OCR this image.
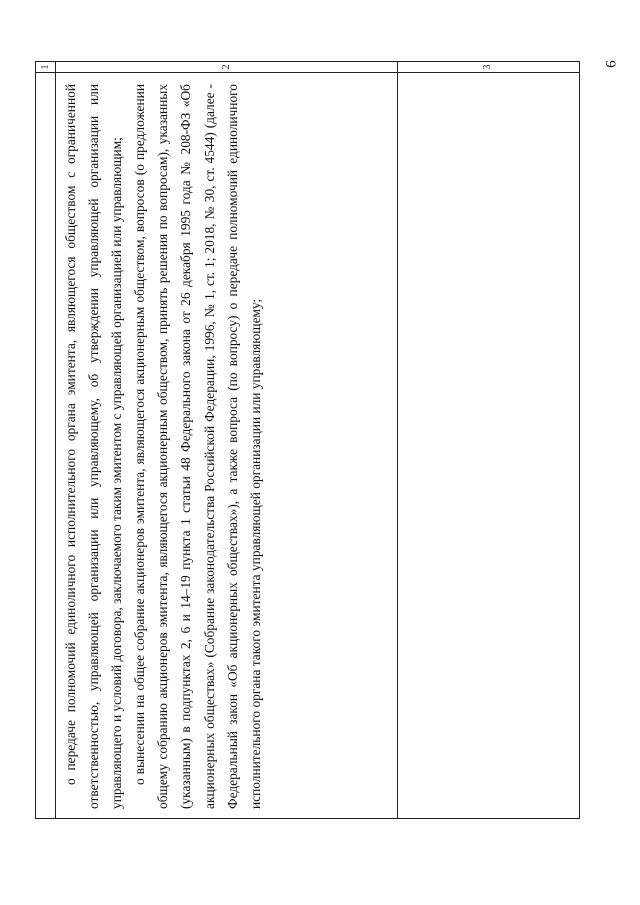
9
1	2	3

о передаче полномочий единоличного исполнительного органа эмитента, являющегося обществом с ограниченной ответственностью, управляющей организации или управляющему, об утверждении управляющей организации или управляющего и условий договора, заключаемого таким эмитентом с управляющей организацией или управляющим; о вынесении на общее собрание акционеров эмитента, являющегося акционерным обществом, вопросов (о предложении общему собранию акционеров эмитента, являющегося акционерным обществом, принять решения по вопросам), указанных (указанным) в подпунктах 2, 6 и 14–19 пункта 1 статьи 48 Федерального закона от 26 декабря 1995 года № 208-ФЗ «Об акционерных обществах» (Собрание законодательства Российской Федерации, 1996, № 1, ст. 1; 2018, № 30, ст. 4544) (далее - Федеральный закон «Об акционерных обществах»), а также вопроса (по вопросу) о передаче полномочий единоличного исполнительного органа такого эмитента управляющей организации или управляющему;
